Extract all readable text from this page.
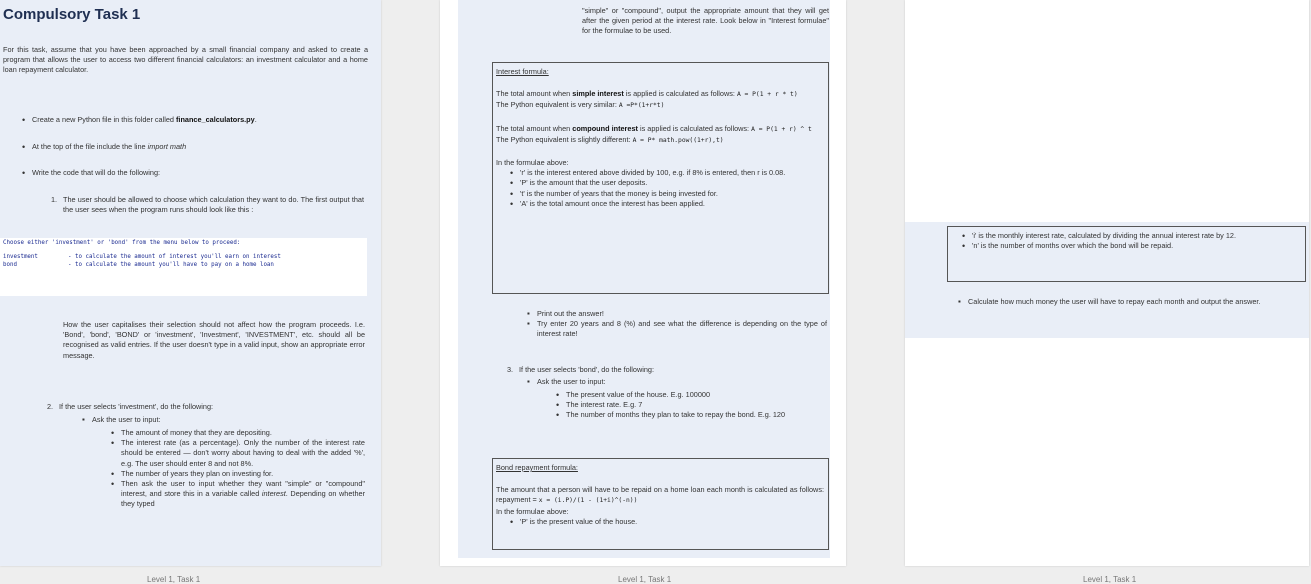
Compulsory Task 1

For this task, assume that you have been approached by a small financial company and asked to create a program that allows the user to access two different financial calculators: an investment calculator and a home loan repayment calculator.

• Create a new Python file in this folder called finance_calculators.py.
• At the top of the file include the line import math
• Write the code that will do the following:
1. The user should be allowed to choose which calculation they want to do. The first output that the user sees when the program runs should look like this :
Choose either 'investment' or 'bond' from the menu below to proceed:
investment	- to calculate the amount of interest you'll earn on interest
bond	- to calculate the amount you'll have to pay on a home loan

How the user capitalises their selection should not affect how the program proceeds. I.e. 'Bond', 'bond', 'BOND' or 'investment', 'Investment', 'INVESTMENT', etc. should all be recognised as valid entries. If the user doesn't type in a valid input, show an appropriate error message.

2. If the user selects 'investment', do the following:
▪ Ask the user to input:
• The amount of money that they are depositing.
• The interest rate (as a percentage). Only the number of the interest rate should be entered — don't worry about having to deal with the added '%', e.g. The user should enter 8 and not 8%.
• The number of years they plan on investing for.
• Then ask the user to input whether they want "simple" or "compound" interest, and store this in a variable called interest. Depending on whether they typed
Level 1, Task 1

"simple" or "compound", output the appropriate amount that they will get after the given period at the interest rate. Look below in "Interest formulae" for the formulae to be used.

Interest formula:

The total amount when simple interest is applied is calculated as follows: A = P(1 + r * t)

The Python equivalent is very similar: A =P*(1+r*t)

The total amount when compound interest is applied is calculated as follows: A = P(1 + r) ^ t

The Python equivalent is slightly different: A = P* math.pow((1+r),t)

In the formulae above:

• 'r' is the interest entered above divided by 100, e.g. if 8% is entered, then r is 0.08.
• 'P' is the amount that the user deposits.
• 't' is the number of years that the money is being invested for.
• 'A' is the total amount once the interest has been applied.
▪ Print out the answer!
▪ Try enter 20 years and 8 (%) and see what the difference is depending on the type of interest rate!
3. If the user selects 'bond', do the following:
▪ Ask the user to input:
• The present value of the house. E.g. 100000
• The interest rate. E.g. 7
• The number of months they plan to take to repay the bond. E.g. 120

Bond repayment formula:

The amount that a person will have to be repaid on a home loan each month is calculated as follows: repayment = x = (i.P)/(1 - (1+i)^(-n))

In the formulae above:

• 'P' is the present value of the house.
Level 1, Task 1
• 'i' is the monthly interest rate, calculated by dividing the annual interest rate by 12.
• 'n' is the number of months over which the bond will be repaid.
▪ Calculate how much money the user will have to repay each month and output the answer.
Level 1, Task 1
